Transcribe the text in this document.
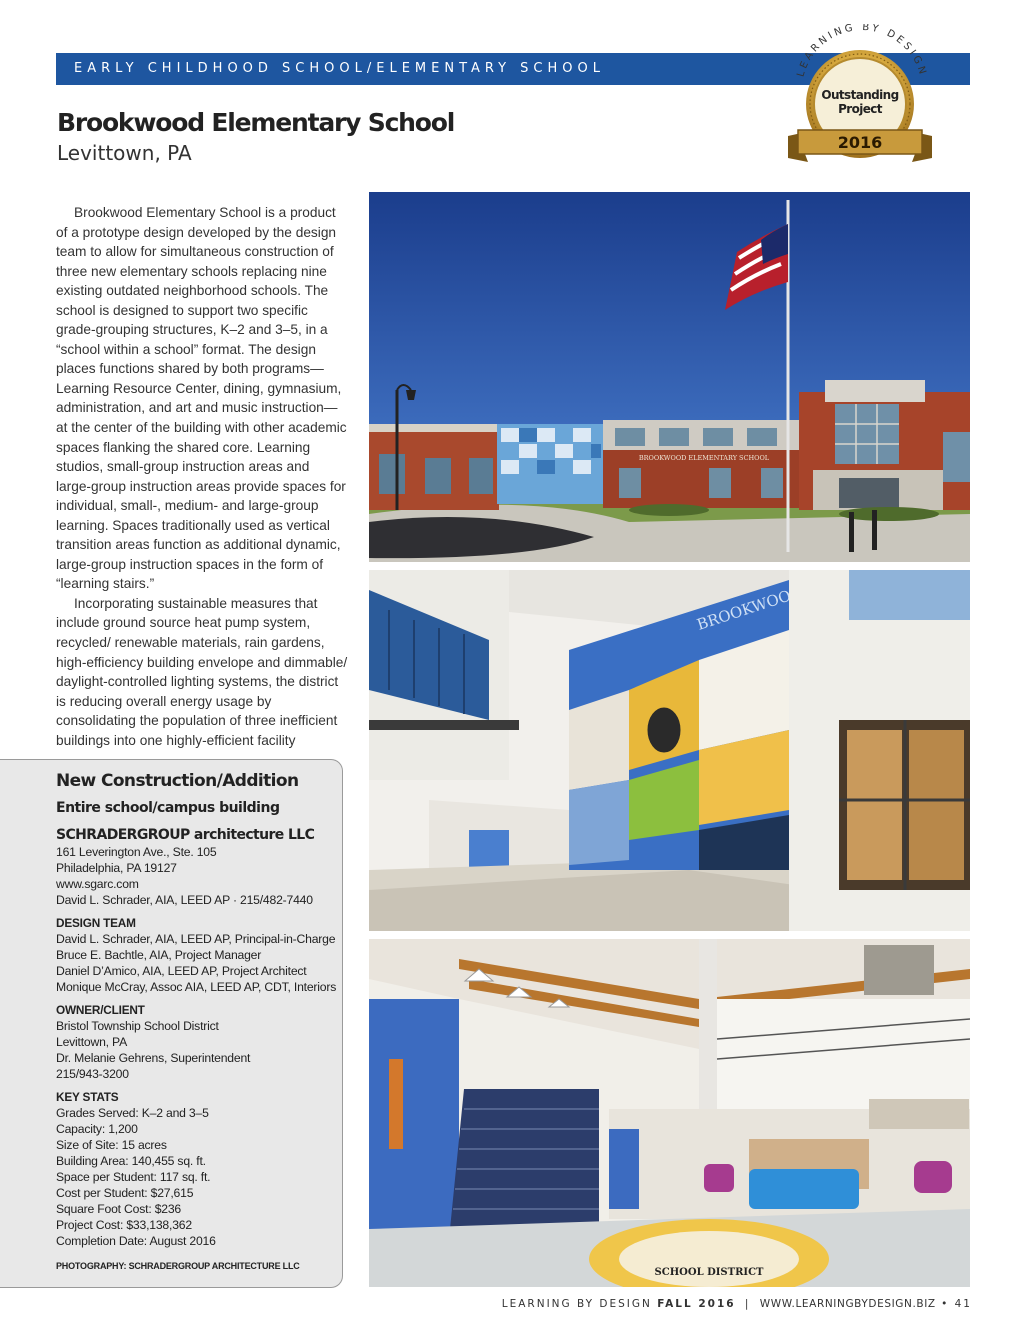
EARLY CHILDHOOD SCHOOL/ELEMENTARY SCHOOL	LEARNING BY DESIGN
Outstanding
Project
2016
Brookwood Elementary School
Levittown, PA

Brookwood Elementary School is a product of a prototype design developed by the design team to allow for simultaneous construction of three new elementary schools replacing nine existing outdated neighborhood schools. The school is designed to support two specific grade-grouping structures, K–2 and 3–5, in a “school within a school” format. The design places functions shared by both programs—Learning Resource Center, dining, gymnasium, administration, and art and music instruction—at the center of the building with other academic spaces flanking the shared core. Learning studios, small-group instruction areas and large-group instruction areas provide spaces for individual, small-, medium- and large-group learning. Spaces traditionally used as vertical transition areas function as additional dynamic, large-group instruction spaces in the form of “learning stairs.”

Incorporating sustainable measures that include ground source heat pump system, recycled/ renewable materials, rain gardens, high-efficiency building envelope and dimmable/ daylight-controlled lighting systems, the district is reducing overall energy usage by consolidating the population of three inefficient buildings into one highly-efficient facility

New Construction/Addition
Entire school/campus building
SCHRADERGROUP architecture LLC
161 Leverington Ave., Ste. 105
Philadelphia, PA 19127
www.sgarc.com
David L. Schrader, AIA, LEED AP · 215/482-7440
DESIGN TEAM
David L. Schrader, AIA, LEED AP, Principal-in-Charge
Bruce E. Bachtle, AIA, Project Manager
Daniel D’Amico, AIA, LEED AP, Project Architect
Monique McCray, Assoc AIA, LEED AP, CDT, Interiors
OWNER/CLIENT
Bristol Township School District
Levittown, PA
Dr. Melanie Gehrens, Superintendent
215/943-3200
KEY STATS
Grades Served: K–2 and 3–5
Capacity: 1,200
Size of Site: 15 acres
Building Area: 140,455 sq. ft.
Space per Student: 117 sq. ft.
Cost per Student: $27,615
Square Foot Cost: $236
Project Cost: $33,138,362
Completion Date: August 2016
PHOTOGRAPHY: SCHRADERGROUP ARCHITECTURE LLC
BROOKWOOD ELEMENTARY SCHOOL
BROOKWOOD
SCHOOL DISTRICT
LEARNING BY DESIGN FALL 2016 | WWW.LEARNINGBYDESIGN.BIZ • 41
